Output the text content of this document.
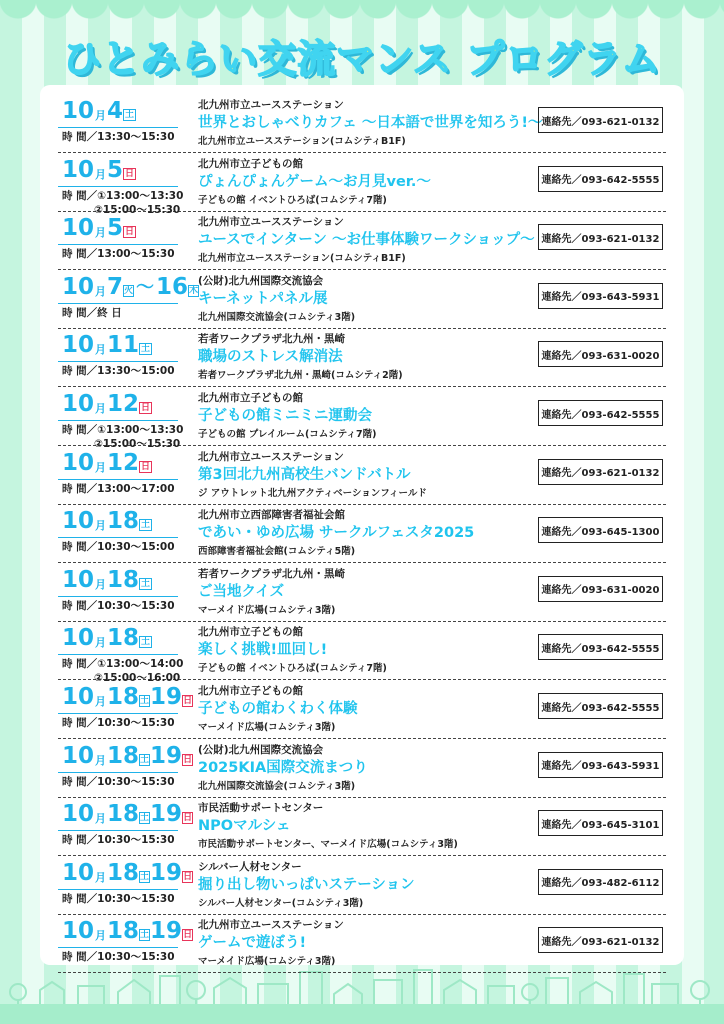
ひとみらい交流マンス プログラム
10 月 4 土
時 間／13:30～15:30
北九州市立ユースステーション
世界とおしゃべりカフェ ～日本語で世界を知ろう!～
北九州市立ユースステーション(コムシティB1F)
連絡先／093-621-0132
10 月 5 日
時 間／①13:00～13:30
②15:00～15:30
北九州市立子どもの館
ぴょんぴょんゲーム～お月見ver.～
子どもの館 イベントひろば(コムシティ7階)
連絡先／093-642-5555
10 月 5 日
時 間／13:00～15:30
北九州市立ユースステーション
ユースでインターン ～お仕事体験ワークショップ～
北九州市立ユースステーション(コムシティB1F)
連絡先／093-621-0132
10 月 7 火 ～ 16 木
時 間／終 日
(公財)北九州国際交流協会
キーネットパネル展
北九州国際交流協会(コムシティ3階)
連絡先／093-643-5931
10 月 11 土
時 間／13:30～15:00
若者ワークプラザ北九州・黒崎
職場のストレス解消法
若者ワークプラザ北九州・黒崎(コムシティ2階)
連絡先／093-631-0020
10 月 12 日
時 間／①13:00～13:30
②15:00～15:30
北九州市立子どもの館
子どもの館ミニミニ運動会
子どもの館 プレイルーム(コムシティ7階)
連絡先／093-642-5555
10 月 12 日
時 間／13:00～17:00
北九州市立ユースステーション
第3回北九州高校生バンドバトル
ジ アウトレット北九州アクティベーションフィールド
連絡先／093-621-0132
10 月 18 土
時 間／10:30～15:00
北九州市立西部障害者福祉会館
であい・ゆめ広場 サークルフェスタ2025
西部障害者福祉会館(コムシティ5階)
連絡先／093-645-1300
10 月 18 土
時 間／10:30～15:30
若者ワークプラザ北九州・黒崎
ご当地クイズ
マーメイド広場(コムシティ3階)
連絡先／093-631-0020
10 月 18 土
時 間／①13:00～14:00
②15:00～16:00
北九州市立子どもの館
楽しく挑戦!皿回し!
子どもの館 イベントひろば(コムシティ7階)
連絡先／093-642-5555
10 月 18 土 19 日
時 間／10:30～15:30
北九州市立子どもの館
子どもの館わくわく体験
マーメイド広場(コムシティ3階)
連絡先／093-642-5555
10 月 18 土 19 日
時 間／10:30～15:30
(公財)北九州国際交流協会
2025KIA国際交流まつり
北九州国際交流協会(コムシティ3階)
連絡先／093-643-5931
10 月 18 土 19 日
時 間／10:30～15:30
市民活動サポートセンター
NPOマルシェ
市民活動サポートセンター、マーメイド広場(コムシティ3階)
連絡先／093-645-3101
10 月 18 土 19 日
時 間／10:30～15:30
シルバー人材センター
掘り出し物いっぱいステーション
シルバー人材センター(コムシティ3階)
連絡先／093-482-6112
10 月 18 土 19 日
時 間／10:30～15:30
北九州市立ユースステーション
ゲームで遊ぼう!
マーメイド広場(コムシティ3階)
連絡先／093-621-0132
